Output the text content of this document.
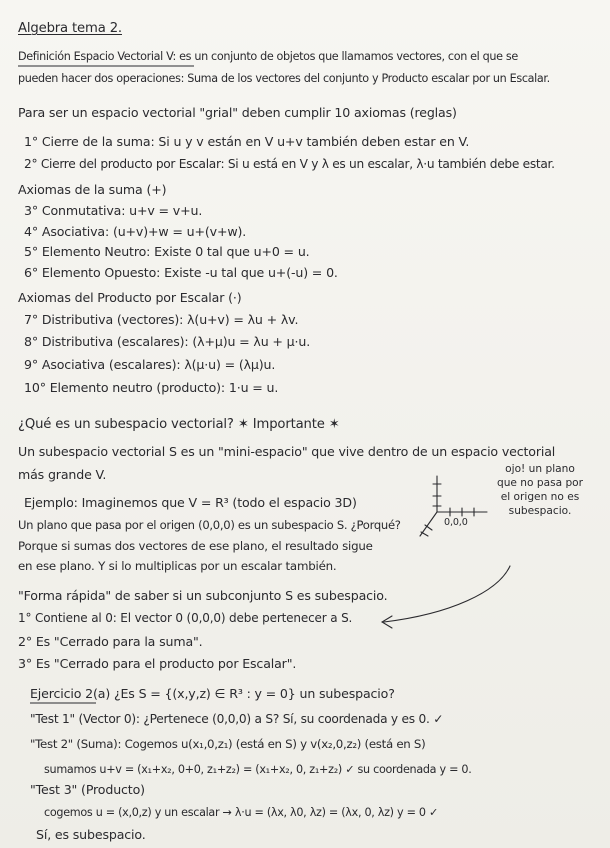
Algebra tema 2.
Definición Espacio Vectorial V: es un conjunto de objetos que llamamos vectores, con el que se
pueden hacer dos operaciones: Suma de los vectores del conjunto y Producto escalar por un Escalar.
Para ser un espacio vectorial "grial" deben cumplir 10 axiomas (reglas)
1° Cierre de la suma: Si u y v están en V u+v también deben estar en V.
2° Cierre del producto por Escalar: Si u está en V y λ es un escalar, λ·u también debe estar.
Axiomas de la suma (+)
3° Conmutativa: u+v = v+u.
4° Asociativa: (u+v)+w = u+(v+w).
5° Elemento Neutro: Existe 0 tal que u+0 = u.
6° Elemento Opuesto: Existe -u tal que u+(-u) = 0.
Axiomas del Producto por Escalar (·)
7° Distributiva (vectores): λ(u+v) = λu + λv.
8° Distributiva (escalares): (λ+μ)u = λu + μ·u.
9° Asociativa (escalares): λ(μ·u) = (λμ)u.
10° Elemento neutro (producto): 1·u = u.
¿Qué es un subespacio vectorial? ✶ Importante ✶
Un subespacio vectorial S es un "mini-espacio" que vive dentro de un espacio vectorial
más grande V.
Ejemplo: Imaginemos que V = R³ (todo el espacio 3D)
Un plano que pasa por el origen (0,0,0) es un subespacio S. ¿Porqué?
Porque si sumas dos vectores de ese plano, el resultado sigue
en ese plano. Y si lo multiplicas por un escalar también.
"Forma rápida" de saber si un subconjunto S es subespacio.
1° Contiene al 0: El vector 0 (0,0,0) debe pertenecer a S.
2° Es "Cerrado para la suma".
3° Es "Cerrado para el producto por Escalar".
Ejercicio 2(a) ¿Es S = {(x,y,z) ∈ R³ : y = 0} un subespacio?
"Test 1" (Vector 0): ¿Pertenece (0,0,0) a S? Sí, su coordenada y es 0. ✓
"Test 2" (Suma): Cogemos u(x₁,0,z₁) (está en S) y v(x₂,0,z₂) (está en S)
sumamos u+v = (x₁+x₂, 0+0, z₁+z₂) = (x₁+x₂, 0, z₁+z₂) ✓ su coordenada y = 0.
"Test 3" (Producto)
cogemos u = (x,0,z) y un escalar → λ·u = (λx, λ0, λz) = (λx, 0, λz) y = 0 ✓
Sí, es subespacio.
ojo! un plano
que no pasa por
el origen no es
subespacio.
0,0,0
